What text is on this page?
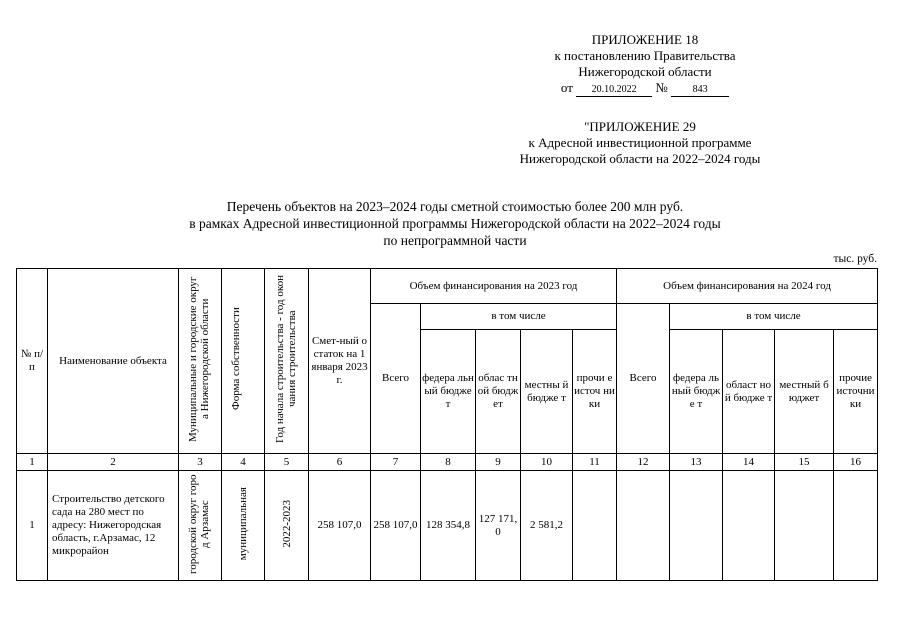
ПРИЛОЖЕНИЕ 18
к постановлению Правительства
Нижегородской области
от 20.10.2022 № 843
"ПРИЛОЖЕНИЕ 29
к Адресной инвестиционной программе
Нижегородской области на 2022–2024 годы
Перечень объектов на 2023–2024 годы сметной стоимостью более 200 млн руб.
в рамках Адресной инвестиционной программы Нижегородской области на 2022–2024 годы
по непрограммной части
тыс. руб.
№ п/п	Наименование объекта	Муниципальные и городские округа Нижегородской области	Форма собственности	Год начала строительства - год окончания строительства	Смет-ный остаток на 1 января 2023 г.	Объем финансирования на 2023 год					Объем финансирования на 2024 год				
						Всего	в том числе				Всего	в том числе			
							федера льный бюджет	облас тной бюдж ет	местны й бюдже т	прочи е источ ники		федера льный бюдже т	област ной бюдже т	местный бюджет	прочие источники
1	2	3	4	5	6	7	8	9	10	11	12	13	14	15	16
1	Строительство детского сада на 280 мест по адресу: Нижегородская область, г.Арзамас, 12 микрорайон	городской округ город Арзамас	муниципальная	2022-2023	258 107,0	258 107,0	128 354,8	127 171,0	2 581,2						
